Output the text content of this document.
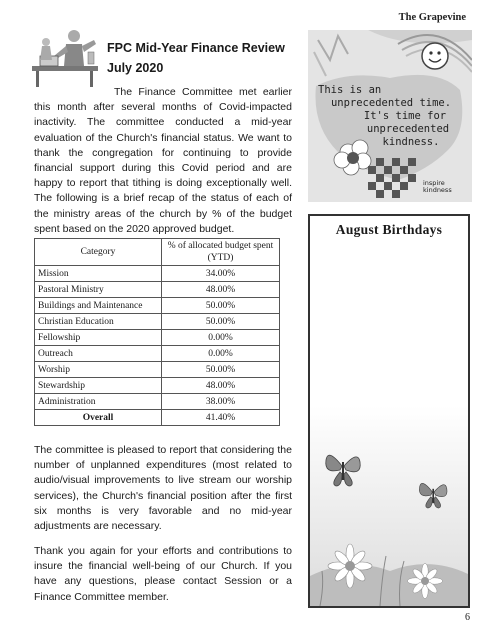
The Grapevine
FPC Mid-Year Finance Review
July 2020
The Finance Committee met earlier this month after several months of Covid-impacted inactivity. The committee conducted a mid-year evaluation of the Church's financial status. We want to thank the congregation for continuing to provide financial support during this Covid period and are happy to report that tithing is doing exceptionally well. The following is a brief recap of the status of each of the ministry areas of the church by % of the budget spent based on the 2020 approved budget.
Category	% of allocated budget spent (YTD)
Mission	34.00%
Pastoral Ministry	48.00%
Buildings and Maintenance	50.00%
Christian Education	50.00%
Fellowship	0.00%
Outreach	0.00%
Worship	50.00%
Stewardship	48.00%
Administration	38.00%
Overall	41.40%
The committee is pleased to report that considering the number of unplanned expenditures (most related to audio/visual improvements to live stream our worship services), the Church's financial position after the first six months is very favorable and no mid-year adjustments are necessary.
Thank you again for your efforts and contributions to insure the financial well-being of our Church. If you have any questions, please contact Session or a Finance Committee member.
This is an
unprecedented time.
It's time for
unprecedented
kindness.
inspire
kindness
August Birthdays
6
